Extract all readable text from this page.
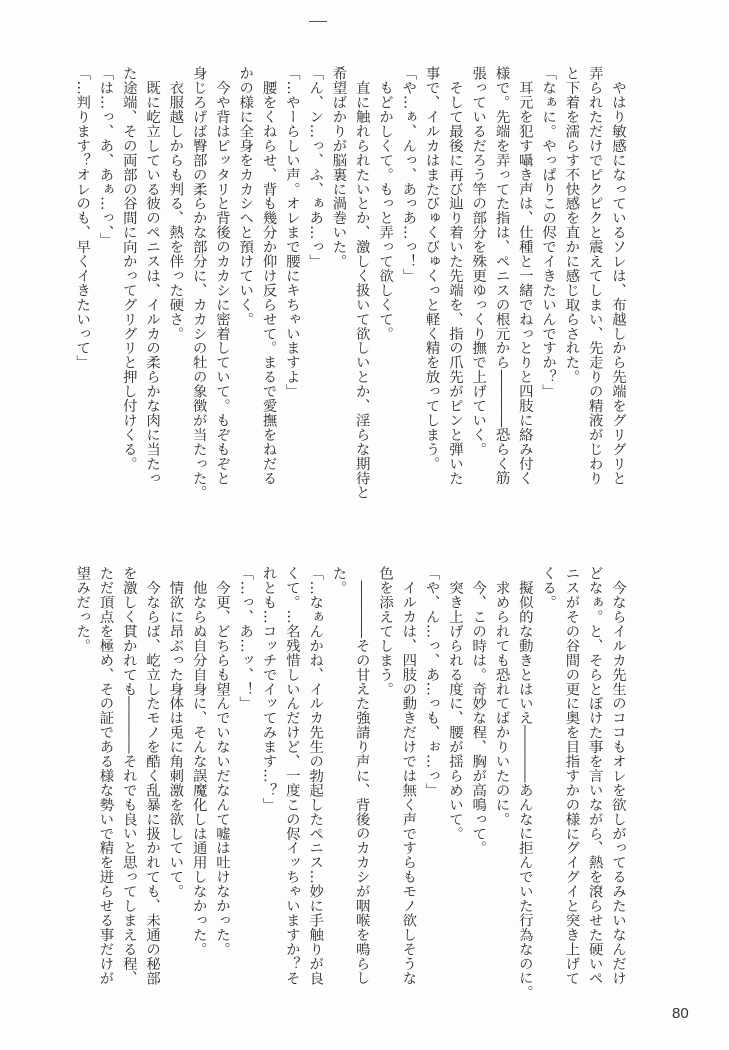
　やはり敏感になっているソレは、布越しから先端をグリグリと
弄られただけでピクピクと震えてしまい、先走りの精液がじわり
と下着を濡らす不快感を直かに感じ取らされた。
「なぁに。やっぱりこの侭でイきたいんですか？」
　耳元を犯す囁き声は、仕種と一緒でねっとりと四肢に絡み付く
様で。先端を弄ってた指は、ペニスの根元から――――恐らく筋
張っているだろう竿の部分を殊更ゆっくり撫で上げていく。
　そして最後に再び辿り着いた先端を、指の爪先がピンと弾いた
事で、イルカはまたびゅくびゅくっと軽く精を放ってしまう。
「や…ぁ、んっ、あっあ…っ！」
　もどかしくて。もっと弄って欲しくて。
　直に触れられたいとか、激しく扱いて欲しいとか、淫らな期待と
希望ばかりが脳裏に渦巻いた。
「ん、ン…っ、ふ、ぁあ…っ」
「…やーらしい声。オレまで腰にキちゃいますよ」
　腰をくねらせ、背も幾分か仰け反らせて。まるで愛撫をねだる
かの様に全身をカカシへと預けていく。
　今や背はピッタリと背後のカカシに密着していて。もぞもぞと
身じろげば臀部の柔らかな部分に、カカシの牡の象徴が当たった。
　衣服越しからも判る、熱を伴った硬さ。
　既に屹立している彼のペニスは、イルカの柔らかな肉に当たっ
た途端、その両部の谷間に向かってグリグリと押し付けくる。
「は…っ、あ、あぁ…っ、」
「…判ります？オレのも、早くイきたいって」
　今ならイルカ先生のココもオレを欲しがってるみたいなんだけ
どなぁ。と、そらとぼけた事を言いながら、熱を滾らせた硬いペ
ニスがその谷間の更に奥を目指すかの様にグイグイと突き上げて
くる。
　擬似的な動きとはいえ――――あんなに拒んでいた行為なのに。
　求められても恐れてばかりいたのに。
　今、この時は。奇妙な程、胸が高鳴って。
　突き上げられる度に、腰が揺らめいて。
「や、ん…っ、あ…っも、ぉ…っ」
　イルカは、四肢の動きだけでは無く声ですらもモノ欲しそうな
色を添えてしまう。
　――――その甘えた強請り声に、背後のカカシが咽喉を鳴らし
た。
「…なぁんかね、イルカ先生の勃起したペニス…妙に手触りが良
くて。…名残惜しいんだけど、一度この侭イッちゃいますか？そ
れとも…コッチでイッてみます…？」
「…っ、あ…ッ、！」
　今更、どちらも望んでいないだなんて嘘は吐けなかった。
　他ならぬ自分自身に、そんな誤魔化しは通用しなかった。
　情欲に昂ぶった身体は兎に角刺激を欲していて。
　今ならば、屹立したモノを酷く乱暴に扱かれても、未通の秘部
を激しく貫かれても――――それでも良いと思ってしまえる程、
ただ頂点を極め、その証である様な勢いで精を迸らせる事だけが
望みだった。
80
